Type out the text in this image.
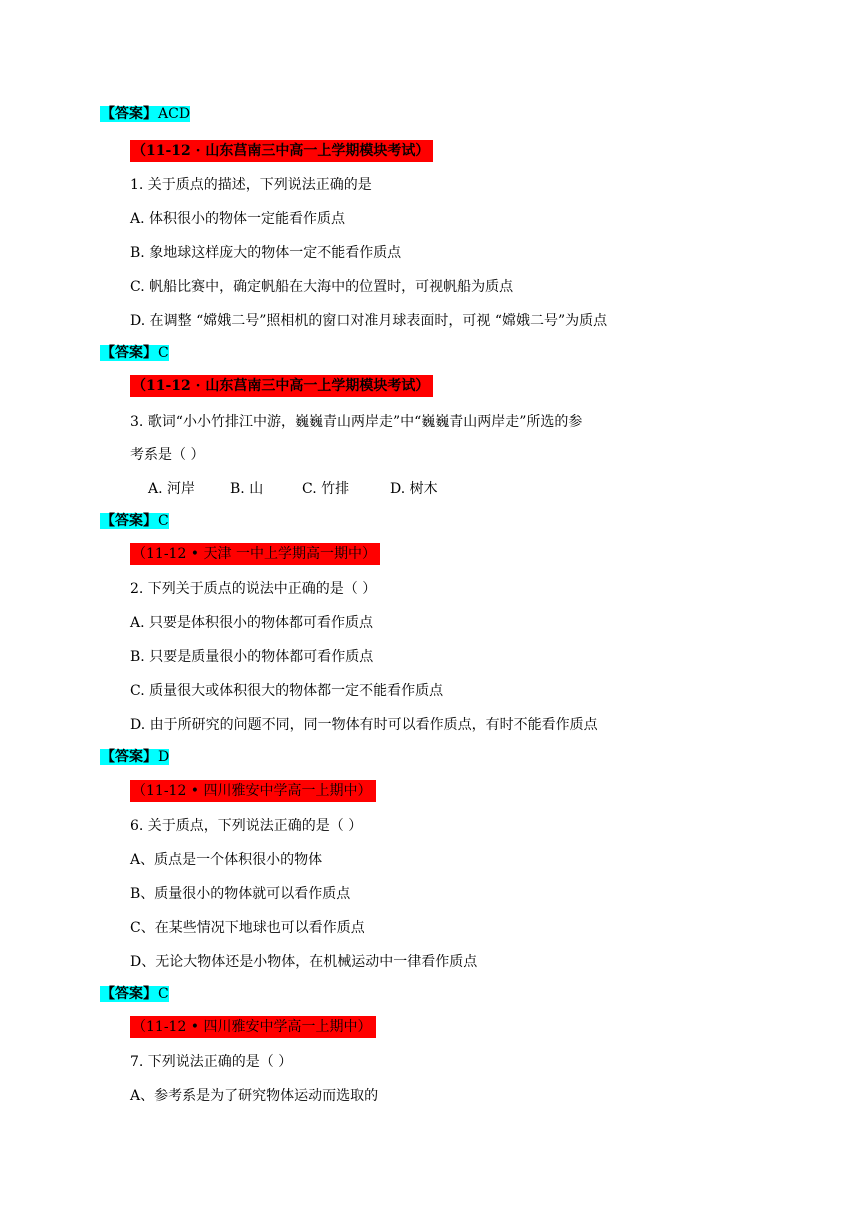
【答案】ACD
（11-12 · 山东莒南三中高一上学期模块考试）
1. 关于质点的描述，下列说法正确的是
A. 体积很小的物体一定能看作质点
B. 象地球这样庞大的物体一定不能看作质点
C. 帆船比赛中，确定帆船在大海中的位置时，可视帆船为质点
D. 在调整 “嫦娥二号”照相机的窗口对准月球表面时，可视 “嫦娥二号”为质点
【答案】C
（11-12 · 山东莒南三中高一上学期模块考试）
3. 歌词“小小竹排江中游，巍巍青山两岸走”中“巍巍青山两岸走”所选的参
考系是（ ）
A. 河岸 B. 山	C. 竹排	D. 树木
【答案】C
（11-12 • 天津 一中上学期高一期中）
2. 下列关于质点的说法中正确的是（ ）
A. 只要是体积很小的物体都可看作质点
B. 只要是质量很小的物体都可看作质点
C. 质量很大或体积很大的物体都一定不能看作质点
D. 由于所研究的问题不同，同一物体有时可以看作质点，有时不能看作质点
【答案】D
（11-12 • 四川雅安中学高一上期中）
6. 关于质点，下列说法正确的是（ ）
A、质点是一个体积很小的物体
B、质量很小的物体就可以看作质点
C、在某些情况下地球也可以看作质点
D、无论大物体还是小物体，在机械运动中一律看作质点
【答案】C
（11-12 • 四川雅安中学高一上期中）
7. 下列说法正确的是（ ）
A、参考系是为了研究物体运动而选取的
